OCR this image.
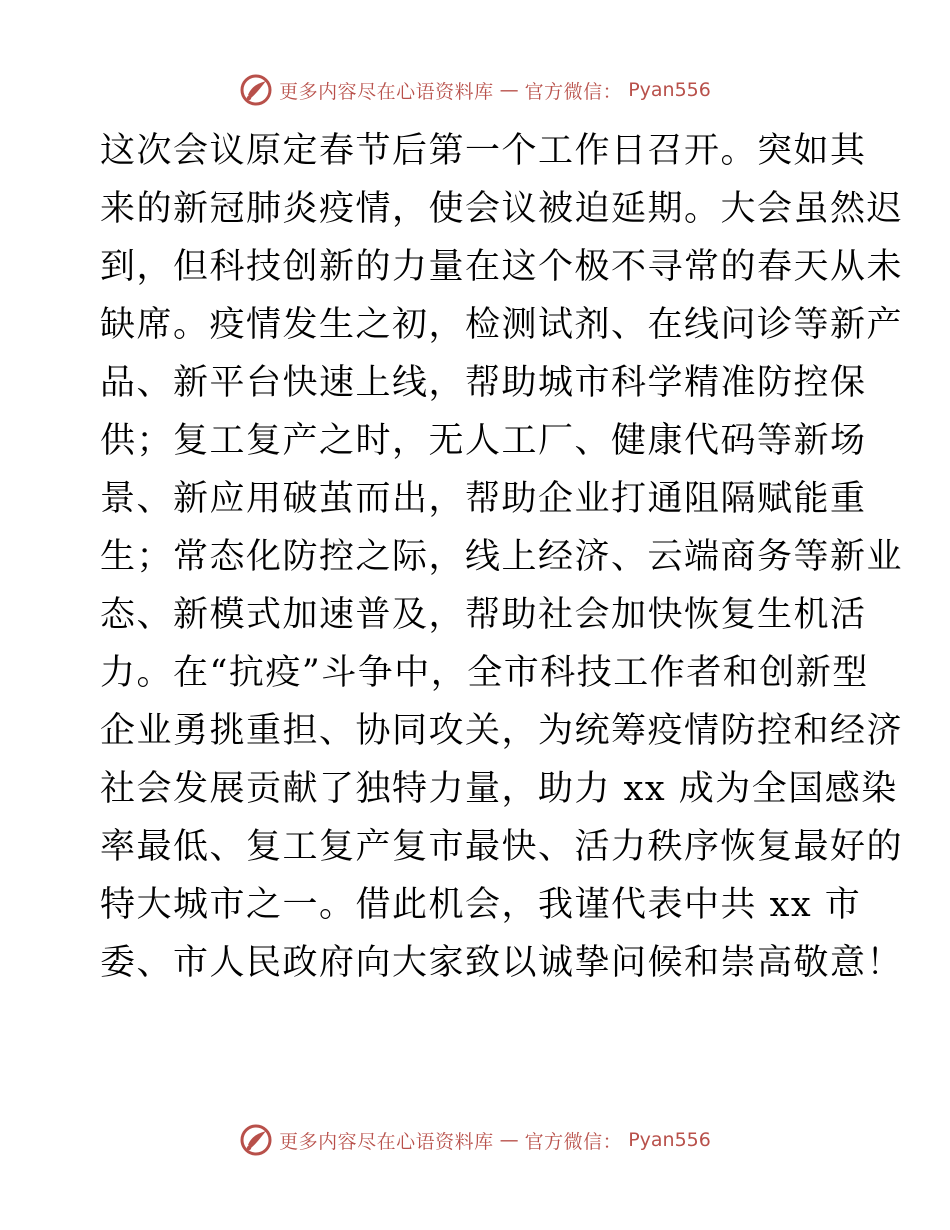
更多内容尽在心语资料库 — 官方微信： Pyan556
这次会议原定春节后第一个工作日召开。突如其
来的新冠肺炎疫情，使会议被迫延期。大会虽然迟
到，但科技创新的力量在这个极不寻常的春天从未
缺席。疫情发生之初，检测试剂、在线问诊等新产
品、新平台快速上线，帮助城市科学精准防控保
供；复工复产之时，无人工厂、健康代码等新场
景、新应用破茧而出，帮助企业打通阻隔赋能重
生；常态化防控之际，线上经济、云端商务等新业
态、新模式加速普及，帮助社会加快恢复生机活
力。在“抗疫”斗争中，全市科技工作者和创新型
企业勇挑重担、协同攻关，为统筹疫情防控和经济
社会发展贡献了独特力量，助力 xx 成为全国感染
率最低、复工复产复市最快、活力秩序恢复最好的
特大城市之一。借此机会，我谨代表中共 xx 市
委、市人民政府向大家致以诚挚问候和崇高敬意！
更多内容尽在心语资料库 — 官方微信： Pyan556
